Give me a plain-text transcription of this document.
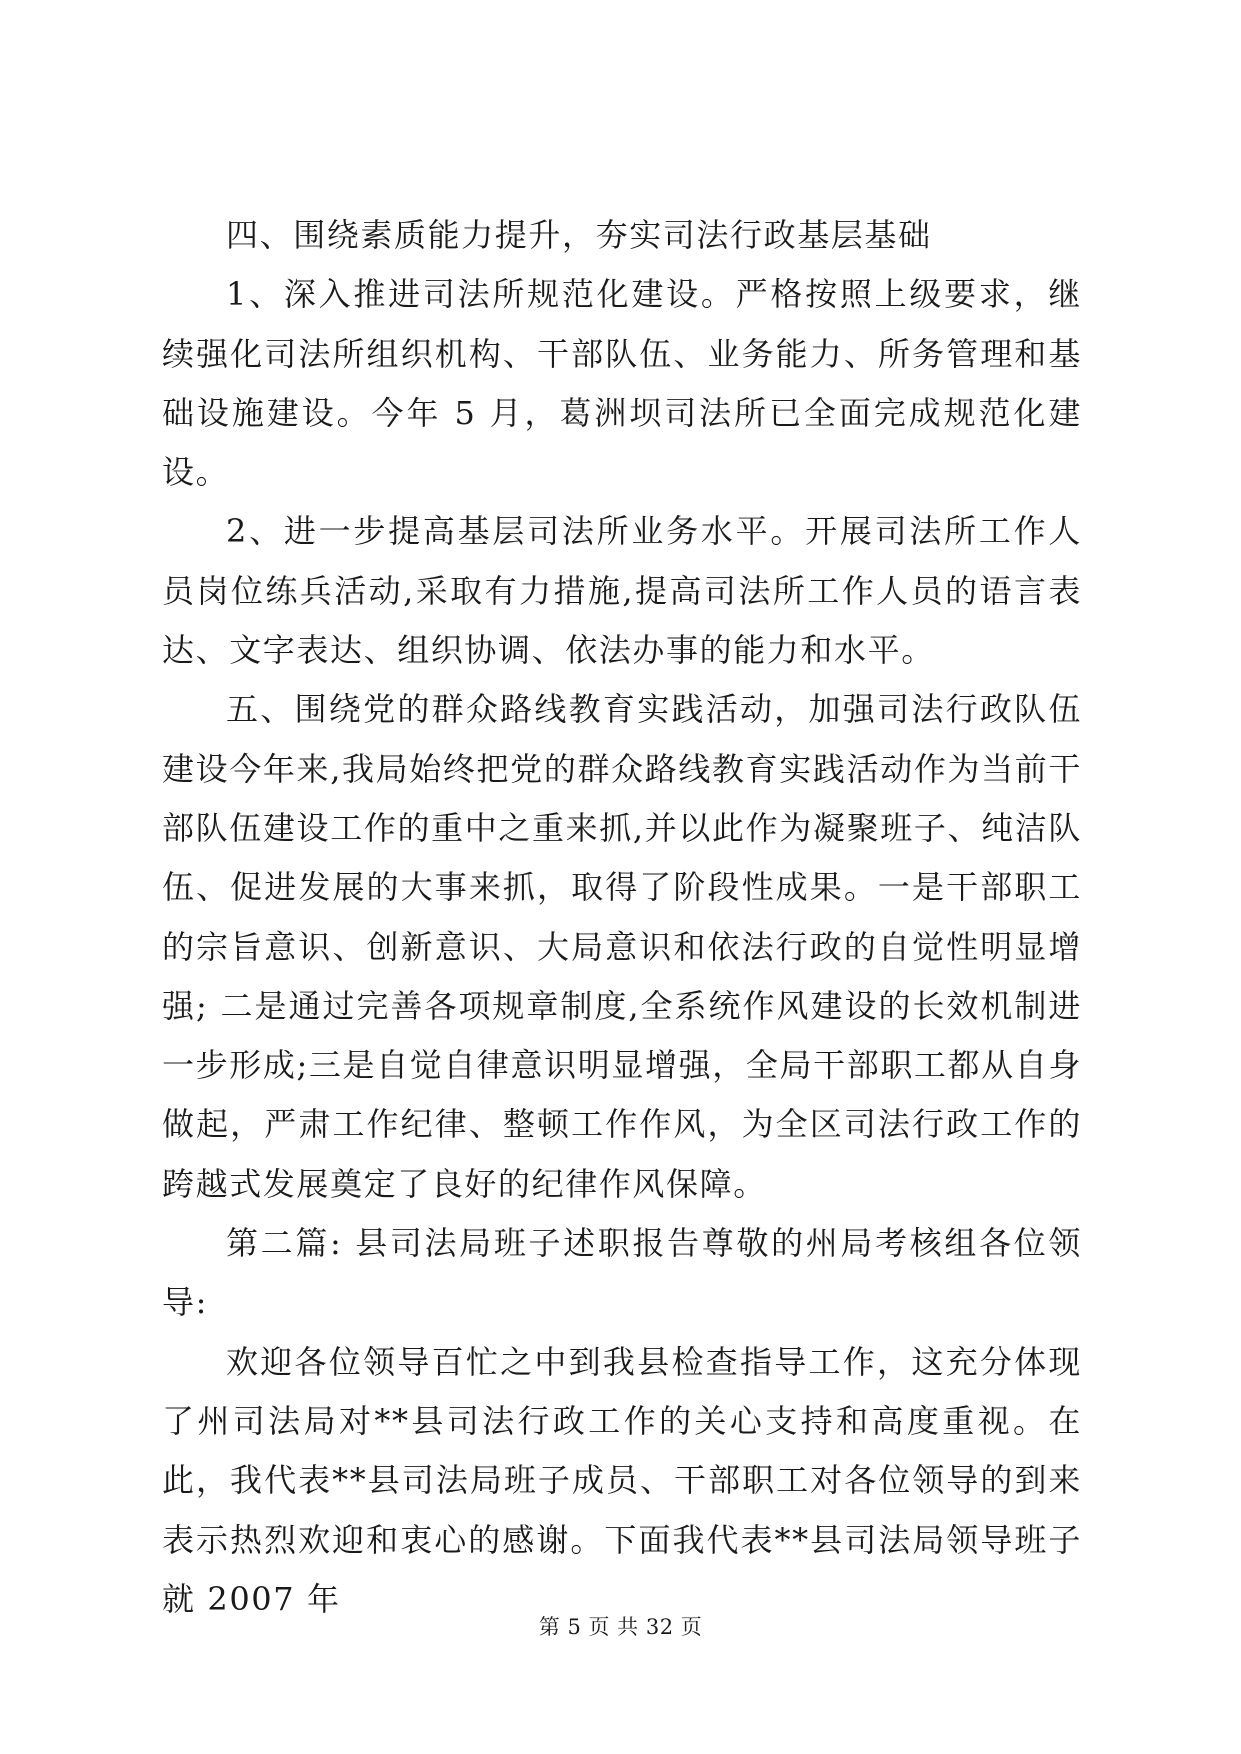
四、围绕素质能力提升，夯实司法行政基层基础

1、深入推进司法所规范化建设。严格按照上级要求，继续强化司法所组织机构、干部队伍、业务能力、所务管理和基础设施建设。今年 5 月，葛洲坝司法所已全面完成规范化建设。

2、进一步提高基层司法所业务水平。开展司法所工作人员岗位练兵活动,采取有力措施,提高司法所工作人员的语言表达、文字表达、组织协调、依法办事的能力和水平。

五、围绕党的群众路线教育实践活动，加强司法行政队伍建设今年来,我局始终把党的群众路线教育实践活动作为当前干部队伍建设工作的重中之重来抓,并以此作为凝聚班子、纯洁队伍、促进发展的大事来抓，取得了阶段性成果。一是干部职工的宗旨意识、创新意识、大局意识和依法行政的自觉性明显增强; 二是通过完善各项规章制度,全系统作风建设的长效机制进一步形成;三是自觉自律意识明显增强，全局干部职工都从自身做起，严肃工作纪律、整顿工作作风，为全区司法行政工作的跨越式发展奠定了良好的纪律作风保障。

第二篇: 县司法局班子述职报告尊敬的州局考核组各位领导:

欢迎各位领导百忙之中到我县检查指导工作，这充分体现了州司法局对**县司法行政工作的关心支持和高度重视。在此，我代表**县司法局班子成员、干部职工对各位领导的到来表示热烈欢迎和衷心的感谢。下面我代表**县司法局领导班子就 2007 年

第 5 页 共 32 页
